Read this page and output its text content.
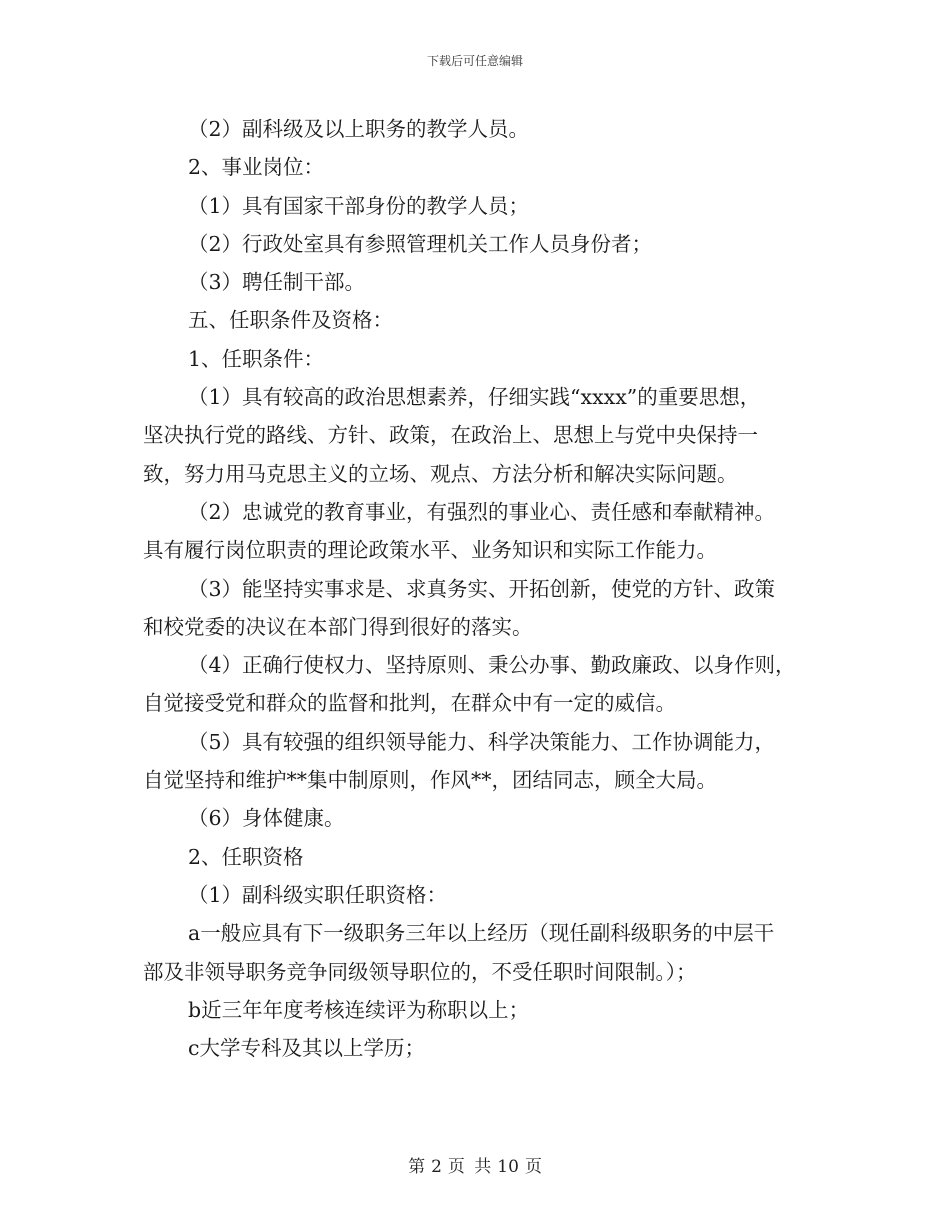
下载后可任意编辑
（2）副科级及以上职务的教学人员。
2、事业岗位：
（1）具有国家干部身份的教学人员；
（2）行政处室具有参照管理机关工作人员身份者；
（3）聘任制干部。
五、任职条件及资格：
1、任职条件：
（1）具有较高的政治思想素养，仔细实践“xxxx”的重要思想，
坚决执行党的路线、方针、政策，在政治上、思想上与党中央保持一
致，努力用马克思主义的立场、观点、方法分析和解决实际问题。
（2）忠诚党的教育事业，有强烈的事业心、责任感和奉献精神。
具有履行岗位职责的理论政策水平、业务知识和实际工作能力。
（3）能坚持实事求是、求真务实、开拓创新，使党的方针、政策
和校党委的决议在本部门得到很好的落实。
（4）正确行使权力、坚持原则、秉公办事、勤政廉政、以身作则，
自觉接受党和群众的监督和批判，在群众中有一定的威信。
（5）具有较强的组织领导能力、科学决策能力、工作协调能力，
自觉坚持和维护**集中制原则，作风**，团结同志，顾全大局。
（6）身体健康。
2、任职资格
（1）副科级实职任职资格：
a一般应具有下一级职务三年以上经历（现任副科级职务的中层干
部及非领导职务竞争同级领导职位的，不受任职时间限制。）；
b近三年年度考核连续评为称职以上；
c大学专科及其以上学历；
第 2 页 共 10 页
